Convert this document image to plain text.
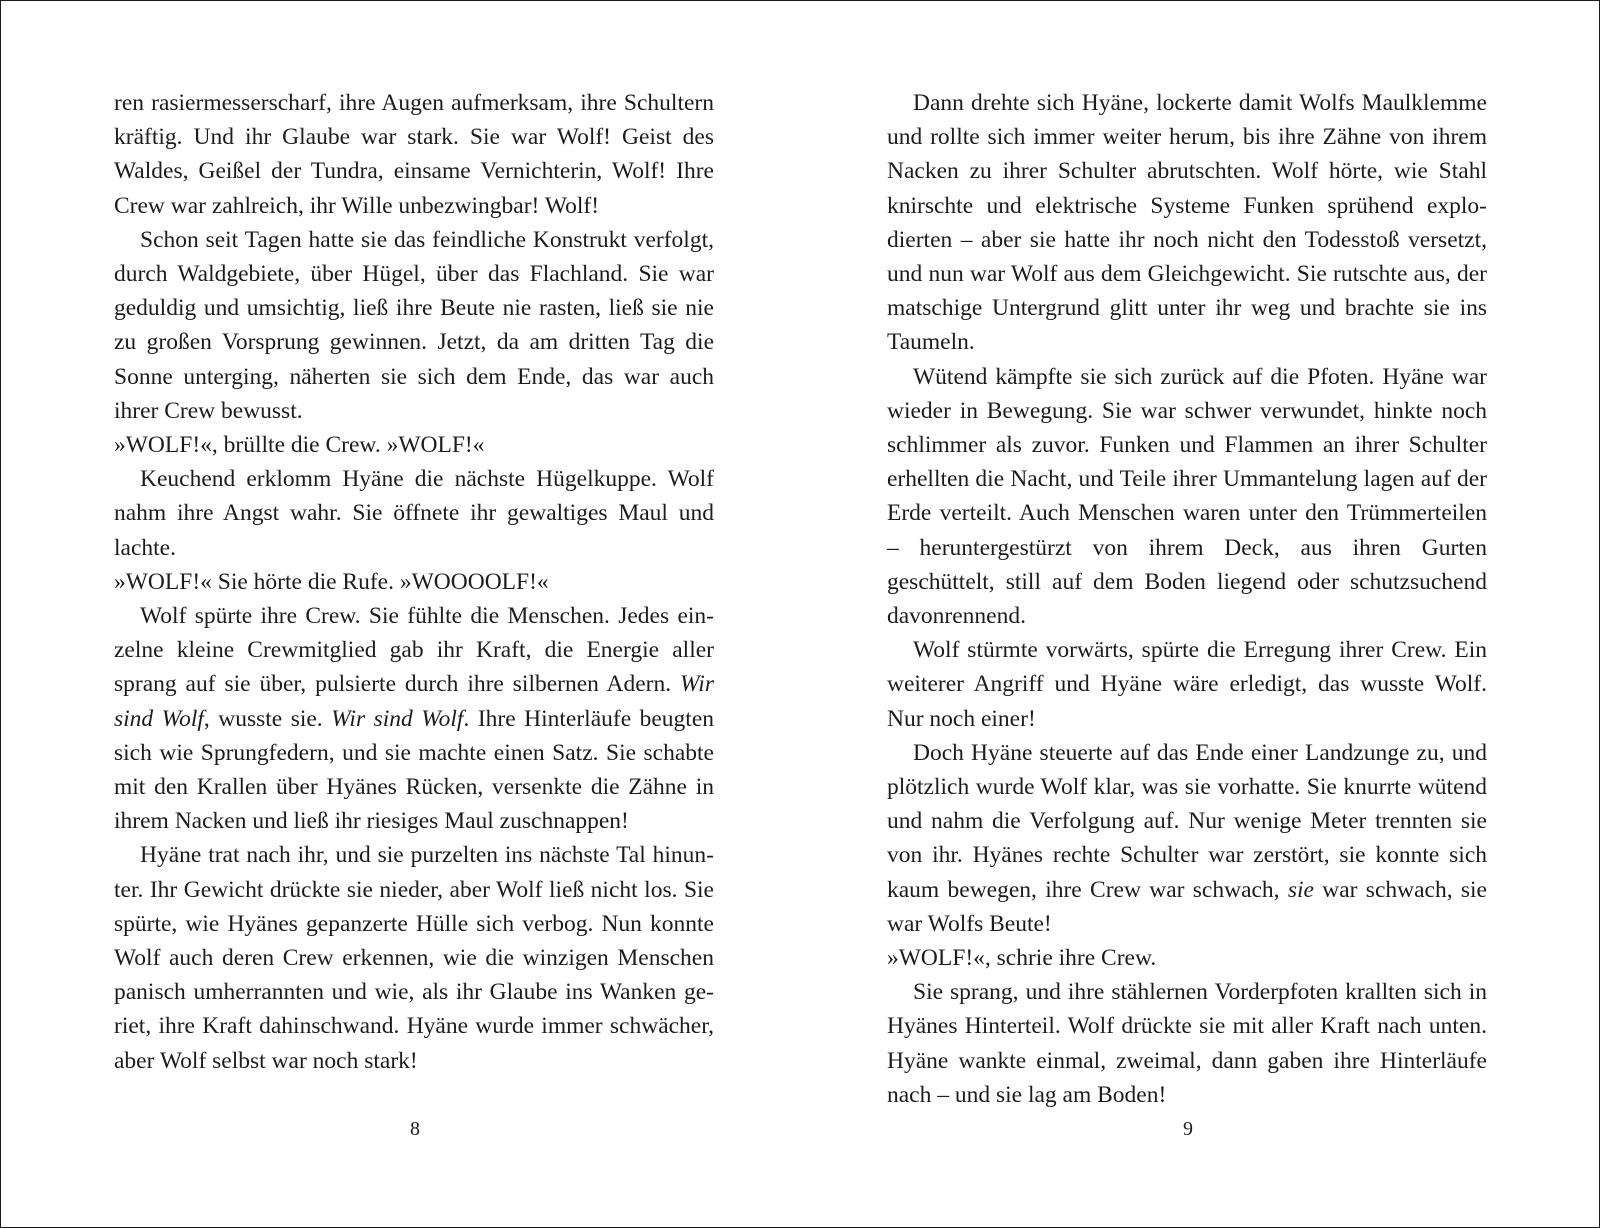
ren rasiermesserscharf, ihre Augen aufmerksam, ihre Schultern kräftig. Und ihr Glaube war stark. Sie war Wolf! Geist des Waldes, Geißel der Tundra, einsame Vernichterin, Wolf! Ihre Crew war zahlreich, ihr Wille unbezwingbar! Wolf!

Schon seit Tagen hatte sie das feindliche Konstrukt verfolgt, durch Waldgebiete, über Hügel, über das Flachland. Sie war geduldig und umsichtig, ließ ihre Beute nie rasten, ließ sie nie zu großen Vorsprung gewinnen. Jetzt, da am dritten Tag die Sonne unterging, näherten sie sich dem Ende, das war auch ihrer Crew bewusst.

»WOLF!«, brüllte die Crew. »WOLF!«

Keuchend erklomm Hyäne die nächste Hügelkuppe. Wolf nahm ihre Angst wahr. Sie öffnete ihr gewaltiges Maul und lachte.

»WOLF!« Sie hörte die Rufe. »WOOOOLF!«

Wolf spürte ihre Crew. Sie fühlte die Menschen. Jedes einzelne kleine Crewmitglied gab ihr Kraft, die Energie aller sprang auf sie über, pulsierte durch ihre silbernen Adern. Wir sind Wolf, wusste sie. Wir sind Wolf. Ihre Hinterläufe beugten sich wie Sprungfedern, und sie machte einen Satz. Sie schabte mit den Krallen über Hyänes Rücken, versenkte die Zähne in ihrem Nacken und ließ ihr riesiges Maul zuschnappen!

Hyäne trat nach ihr, und sie purzelten ins nächste Tal hinunter. Ihr Gewicht drückte sie nieder, aber Wolf ließ nicht los. Sie spürte, wie Hyänes gepanzerte Hülle sich verbog. Nun konnte Wolf auch deren Crew erkennen, wie die winzigen Menschen panisch umherrannten und wie, als ihr Glaube ins Wanken geriet, ihre Kraft dahinschwand. Hyäne wurde immer schwächer, aber Wolf selbst war noch stark!

Dann drehte sich Hyäne, lockerte damit Wolfs Maulklemme und rollte sich immer weiter herum, bis ihre Zähne von ihrem Nacken zu ihrer Schulter abrutschten. Wolf hörte, wie Stahl knirschte und elektrische Systeme Funken sprühend explodierten – aber sie hatte ihr noch nicht den Todesstoß versetzt, und nun war Wolf aus dem Gleichgewicht. Sie rutschte aus, der matschige Untergrund glitt unter ihr weg und brachte sie ins Taumeln.

Wütend kämpfte sie sich zurück auf die Pfoten. Hyäne war wieder in Bewegung. Sie war schwer verwundet, hinkte noch schlimmer als zuvor. Funken und Flammen an ihrer Schulter erhellten die Nacht, und Teile ihrer Ummantelung lagen auf der Erde verteilt. Auch Menschen waren unter den Trümmerteilen – heruntergestürzt von ihrem Deck, aus ihren Gurten geschüttelt, still auf dem Boden liegend oder schutzsuchend davonrennend.

Wolf stürmte vorwärts, spürte die Erregung ihrer Crew. Ein weiterer Angriff und Hyäne wäre erledigt, das wusste Wolf. Nur noch einer!

Doch Hyäne steuerte auf das Ende einer Landzunge zu, und plötzlich wurde Wolf klar, was sie vorhatte. Sie knurrte wütend und nahm die Verfolgung auf. Nur wenige Meter trennten sie von ihr. Hyänes rechte Schulter war zerstört, sie konnte sich kaum bewegen, ihre Crew war schwach, sie war schwach, sie war Wolfs Beute!

»WOLF!«, schrie ihre Crew.

Sie sprang, und ihre stählernen Vorderpfoten krallten sich in Hyänes Hinterteil. Wolf drückte sie mit aller Kraft nach unten. Hyäne wankte einmal, zweimal, dann gaben ihre Hinterläufe nach – und sie lag am Boden!

8	9
